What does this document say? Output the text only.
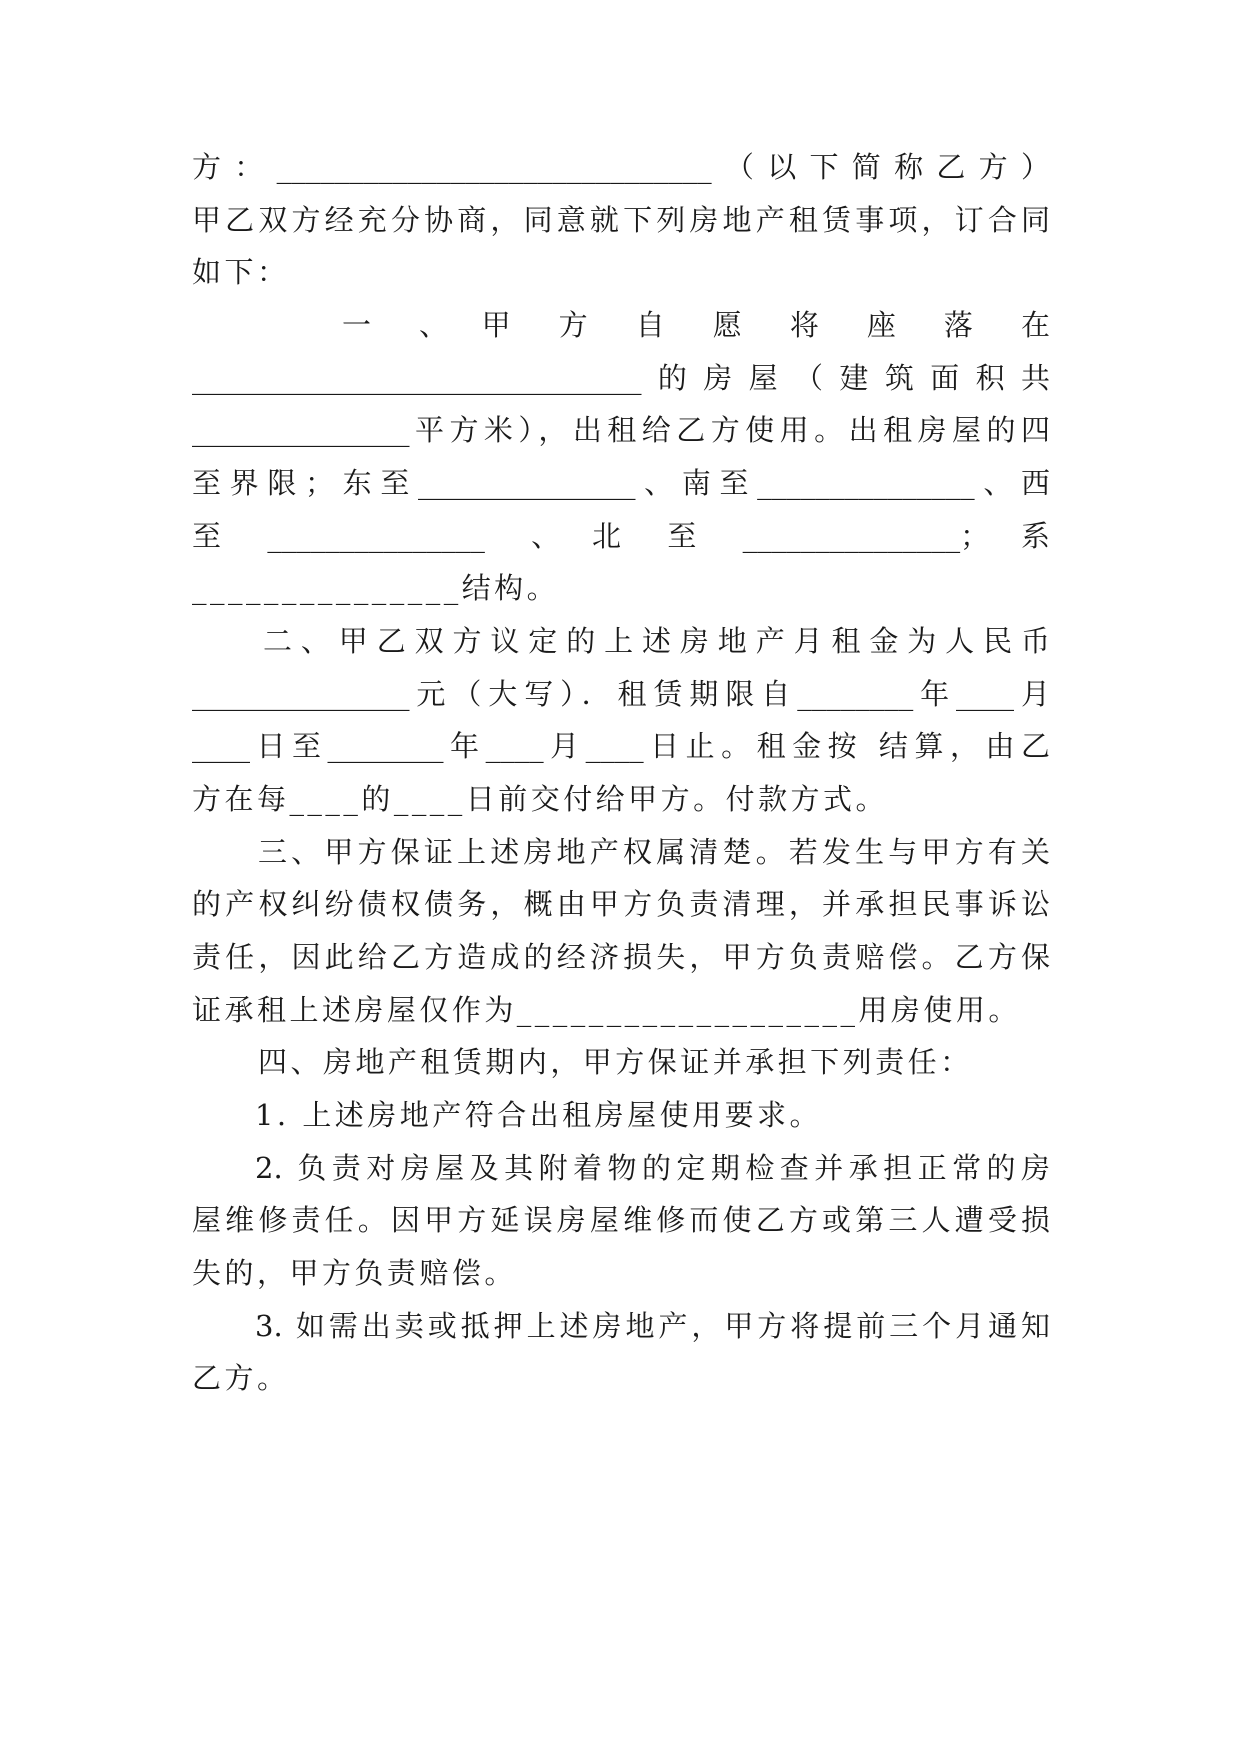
方：______________________________（以下简称乙方）
甲乙双方经充分协商，同意就下列房地产租赁事项，订合同
如下：
一　、　甲　方　自　愿　将　座　落　在
_______________________________的房屋（建筑面积共
_______________平方米），出租给乙方使用。出租房屋的四
至界限；东至_______________、南至_______________、西
至　_______________　、　北　至　_______________；　系
_______________结构。
二、甲乙双方议定的上述房地产月租金为人民币
_______________元（大写）．租赁期限自________年____月
____日至________年____月____日止。租金按 结算，由乙
方在每____的____日前交付给甲方。付款方式。
三、甲方保证上述房地产权属清楚。若发生与甲方有关
的产权纠纷债权债务，概由甲方负责清理，并承担民事诉讼
责任，因此给乙方造成的经济损失，甲方负责赔偿。乙方保
证承租上述房屋仅作为___________________用房使用。
四、房地产租赁期内，甲方保证并承担下列责任：
1. 上述房地产符合出租房屋使用要求。
2. 负责对房屋及其附着物的定期检查并承担正常的房
屋维修责任。因甲方延误房屋维修而使乙方或第三人遭受损
失的，甲方负责赔偿。
3. 如需出卖或抵押上述房地产，甲方将提前三个月通知
乙方。
